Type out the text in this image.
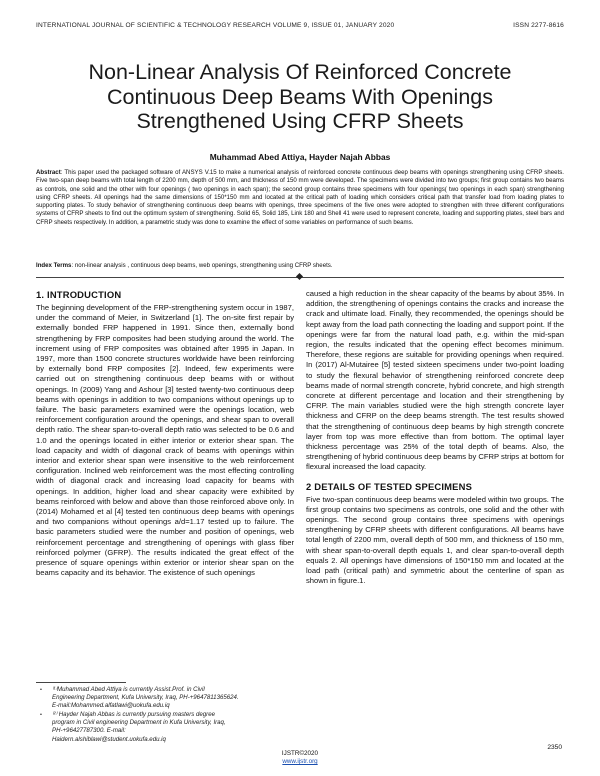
INTERNATIONAL JOURNAL OF SCIENTIFIC & TECHNOLOGY RESEARCH VOLUME 9, ISSUE 01, JANUARY 2020	ISSN 2277-8616
Non-Linear Analysis Of Reinforced Concrete Continuous Deep Beams With Openings Strengthened Using CFRP Sheets
Muhammad Abed Attiya, Hayder Najah Abbas
Abstract: This paper used the packaged software of ANSYS V.15 to make a numerical analysis of reinforced concrete continuous deep beams with openings strengthening using CFRP sheets. Five two-span deep beams with total length of 2200 mm, depth of 500 mm, and thickness of 150 mm were developed. The specimens were divided into two groups; first group contains two beams as controls, one solid and the other with four openings ( two openings in each span); the second group contains three specimens with four openings( two openings in each span) strengthening using CFRP sheets. All openings had the same dimensions of 150*150 mm and located at the critical path of loading which considers critical path that transfer load from loading plates to supporting plates. To study behavior of strengthening continuous deep beams with openings, three specimens of the five ones were adopted to strengthen with three different configurations systems of CFRP sheets to find out the optimum system of strengthening. Solid 65, Solid 185, Link 180 and Shell 41 were used to represent concrete, loading and supporting plates, steel bars and CFRP sheets respectively. In addition, a parametric study was done to examine the effect of some variables on performance of such beams.
Index Terms: non-linear analysis , continuous deep beams, web openings, strengthening using CFRP sheets.
1. INTRODUCTION

The beginning development of the FRP-strengthening system occur in 1987, under the command of Meier, in Switzerland [1]. The on-site first repair by externally bonded FRP happened in 1991. Since then, externally bond strengthening by FRP composites had been studying around the world. The increment using of FRP composites was obtained after 1995 in Japan. In 1997, more than 1500 concrete structures worldwide have been reinforcing by externally bond FRP composites [2]. Indeed, few experiments were carried out on strengthening continuous deep beams with or without openings. In (2009) Yang and Ashour [3] tested twenty-two continuous deep beams with openings in addition to two companions without openings up to failure. The basic parameters examined were the openings location, web reinforcement configuration around the openings, and shear span to overall depth ratio. The shear span-to-overall depth ratio was selected to be 0.6 and 1.0 and the openings located in either interior or exterior shear span. The load capacity and width of diagonal crack of beams with openings within interior and exterior shear span were insensitive to the web reinforcement configuration. Inclined web reinforcement was the most effecting controlling width of diagonal crack and increasing load capacity for beams with openings. In addition, higher load and shear capacity were exhibited by beams reinforced with below and above than those reinforced above only. In (2014) Mohamed et al [4] tested ten continuous deep beams with openings and two companions without openings a/d=1.17 tested up to failure. The basic parameters studied were the number and position of openings, web reinforcement percentage and strengthening of openings with glass fiber reinforced polymer (GFRP). The results indicated the great effect of the presence of square openings within exterior or interior shear span on the beams capacity and its behavior. The existence of such openings

caused a high reduction in the shear capacity of the beams by about 35%. In addition, the strengthening of openings contains the cracks and increase the crack and ultimate load. Finally, they recommended, the openings should be kept away from the load path connecting the loading and support point. If the openings were far from the natural load path, e.g. within the mid-span region, the results indicated that the opening effect becomes minimum. Therefore, these regions are suitable for providing openings when required. In (2017) Al-Mutairee [5] tested sixteen specimens under two-point loading to study the flexural behavior of strengthening reinforced concrete deep beams made of normal strength concrete, hybrid concrete, and high strength concrete at different percentage and location and their strengthening by CFRP. The main variables studied were the high strength concrete layer thickness and CFRP on the deep beams strength. The test results showed that the strengthening of continuous deep beams by high strength concrete layer from top was more effective than from bottom. The optimal layer thickness percentage was 25% of the total depth of beams. Also, the strengthening of hybrid continuous deep beams by CFRP strips at bottom for flexural increased the load capacity.

2 DETAILS OF TESTED SPECIMENS

Five two-span continuous deep beams were modeled within two groups. The first group contains two specimens as controls, one solid and the other with openings. The second group contains three specimens with openings strengthening by CFRP sheets with different configurations. All beams have total length of 2200 mm, overall depth of 500 mm, and thickness of 150 mm, with shear span-to-overall depth equals 1, and clear span-to-overall depth equals 2. All openings have dimensions of 150*150 mm and located at the load path (critical path) and symmetric about the centerline of span as shown in figure.1.

• ⁽¹⁾Muhammad Abed Attiya is currently Assist.Prof. in Civil
Engineering Department, Kufa University, Iraq, PH-+9647811365624.
E-mail:Mohammed.alfatlawi@uokufa.edu.iq
• ⁽²⁾ Hayder Najah Abbas is currently pursuing masters degree
program in Civil engineering Department in Kufa University, Iraq,
PH-+96427787300. E-mail:
Haidern.alshiblawi@student.uokufa.edu.iq
2350
IJSTR©2020
www.ijstr.org
